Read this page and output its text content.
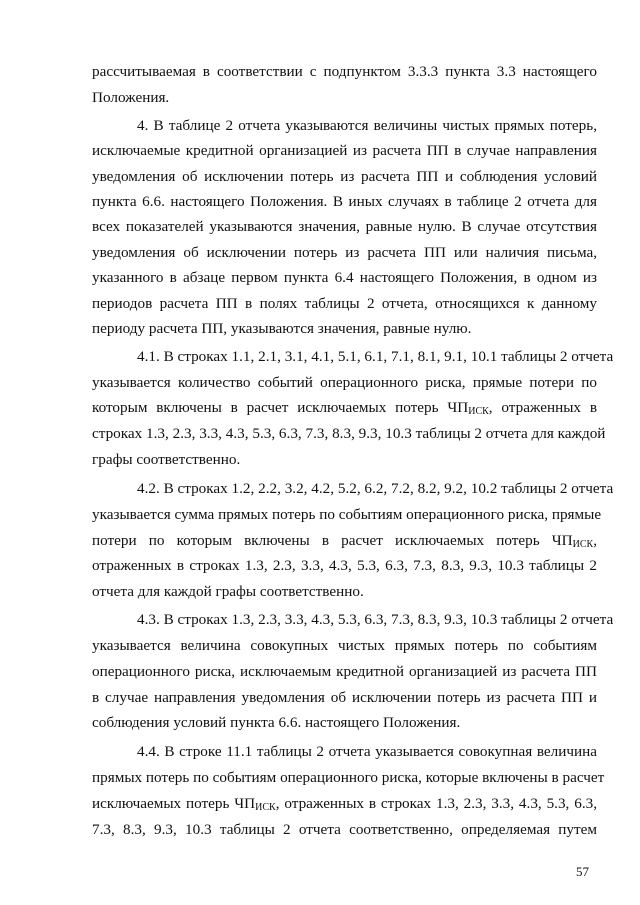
рассчитываемая в соответствии с подпунктом 3.3.3 пункта 3.3 настоящего
Положения.
4. В таблице 2 отчета указываются величины чистых прямых потерь,
исключаемые кредитной организацией из расчета ПП в случае направления
уведомления об исключении потерь из расчета ПП и соблюдения условий
пункта 6.6. настоящего Положения. В иных случаях в таблице 2 отчета для
всех показателей указываются значения, равные нулю. В случае отсутствия
уведомления об исключении потерь из расчета ПП или наличия письма,
указанного в абзаце первом пункта 6.4 настоящего Положения, в одном из
периодов расчета ПП в полях таблицы 2 отчета, относящихся к данному
периоду расчета ПП, указываются значения, равные нулю.
4.1. В строках 1.1, 2.1, 3.1, 4.1, 5.1, 6.1, 7.1, 8.1, 9.1, 10.1 таблицы 2 отчета
указывается количество событий операционного риска, прямые потери по
которым включены в расчет исключаемых потерь $ЧП_{ИСК}$, отраженных в
строках 1.3, 2.3, 3.3, 4.3, 5.3, 6.3, 7.3, 8.3, 9.3, 10.3 таблицы 2 отчета для каждой
графы соответственно.
4.2. В строках 1.2, 2.2, 3.2, 4.2, 5.2, 6.2, 7.2, 8.2, 9.2, 10.2 таблицы 2 отчета
указывается сумма прямых потерь по событиям операционного риска, прямые
потери по которым включены в расчет исключаемых потерь $ЧП_{ИСК}$,
отраженных в строках 1.3, 2.3, 3.3, 4.3, 5.3, 6.3, 7.3, 8.3, 9.3, 10.3 таблицы 2
отчета для каждой графы соответственно.
4.3. В строках 1.3, 2.3, 3.3, 4.3, 5.3, 6.3, 7.3, 8.3, 9.3, 10.3 таблицы 2 отчета
указывается величина совокупных чистых прямых потерь по событиям
операционного риска, исключаемым кредитной организацией из расчета ПП
в случае направления уведомления об исключении потерь из расчета ПП и
соблюдения условий пункта 6.6. настоящего Положения.
4.4. В строке 11.1 таблицы 2 отчета указывается совокупная величина
прямых потерь по событиям операционного риска, которые включены в расчет
исключаемых потерь $ЧП_{ИСК}$, отраженных в строках 1.3, 2.3, 3.3, 4.3, 5.3, 6.3,
7.3, 8.3, 9.3, 10.3 таблицы 2 отчета соответственно, определяемая путем
57
